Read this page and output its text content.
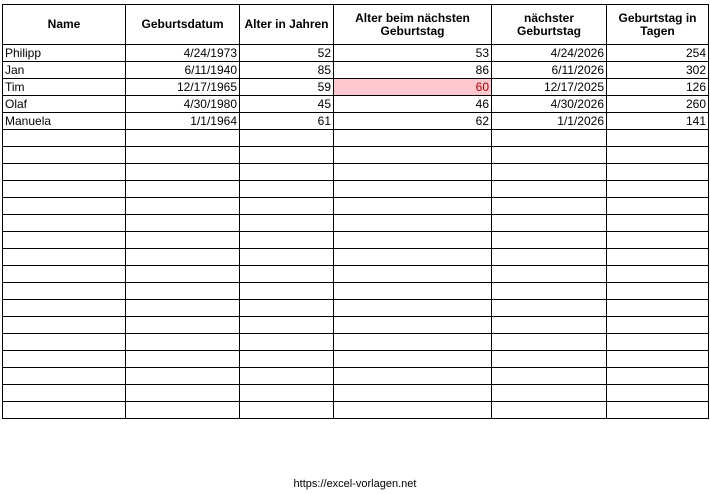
Name	Geburtsdatum	Alter in Jahren	Alter beim nächsten Geburtstag	nächster Geburtstag	Geburtstag in Tagen
Philipp	4/24/1973	52	53	4/24/2026	254
Jan	6/11/1940	85	86	6/11/2026	302
Tim	12/17/1965	59	60	12/17/2025	126
Olaf	4/30/1980	45	46	4/30/2026	260
Manuela	1/1/1964	61	62	1/1/2026	141

https://excel-vorlagen.net
